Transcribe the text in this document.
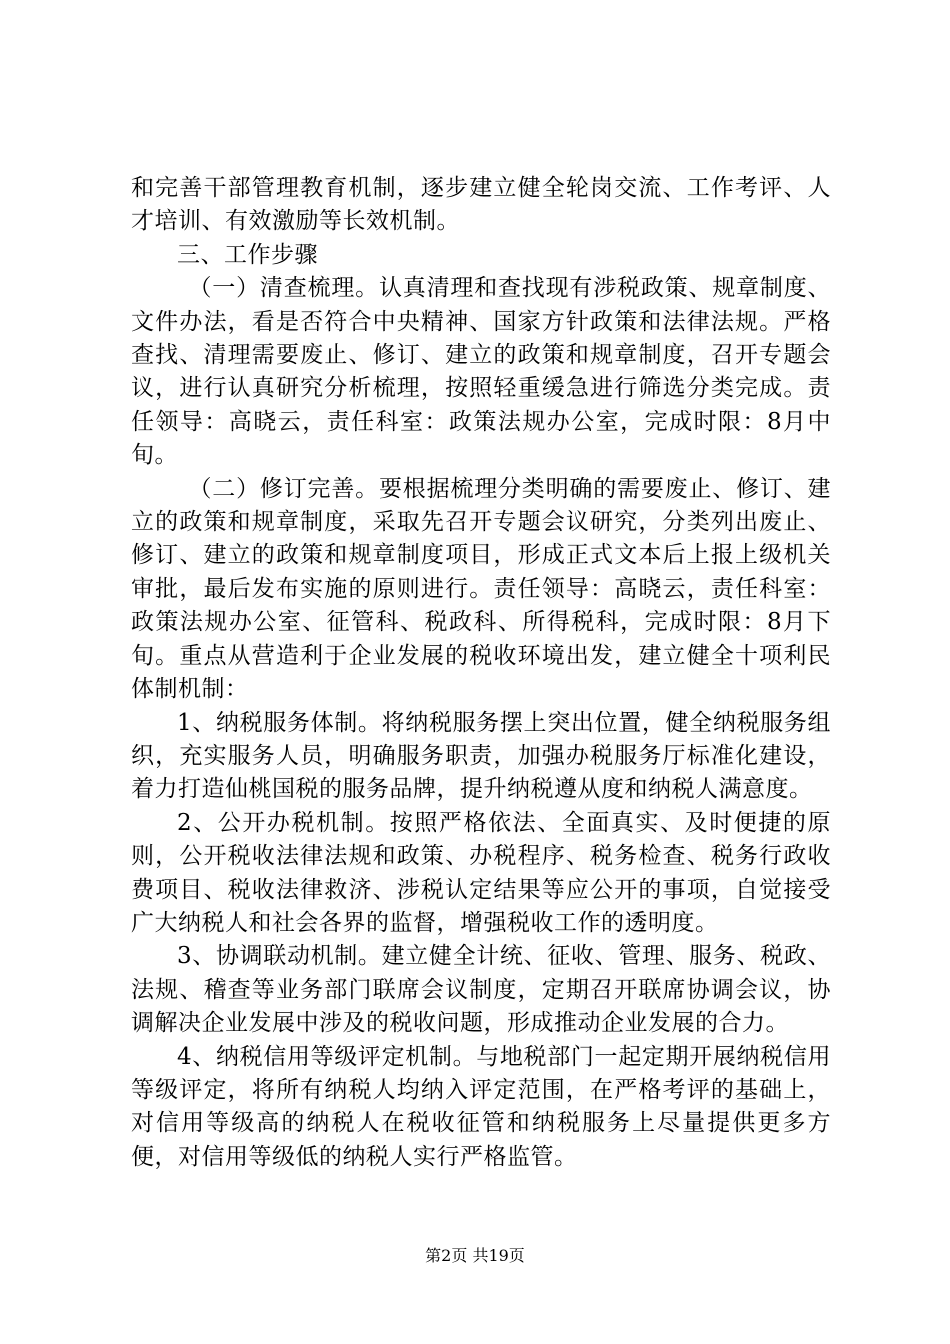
和完善干部管理教育机制，逐步建立健全轮岗交流、工作考评、人才培训、有效激励等长效机制。

三、工作步骤

（一）清查梳理。认真清理和查找现有涉税政策、规章制度、文件办法，看是否符合中央精神、国家方针政策和法律法规。严格查找、清理需要废止、修订、建立的政策和规章制度，召开专题会议，进行认真研究分析梳理，按照轻重缓急进行筛选分类完成。责任领导：高晓云，责任科室：政策法规办公室，完成时限：8月中旬。

（二）修订完善。要根据梳理分类明确的需要废止、修订、建立的政策和规章制度，采取先召开专题会议研究，分类列出废止、修订、建立的政策和规章制度项目，形成正式文本后上报上级机关审批，最后发布实施的原则进行。责任领导：高晓云，责任科室：政策法规办公室、征管科、税政科、所得税科，完成时限：8月下旬。重点从营造利于企业发展的税收环境出发，建立健全十项利民体制机制：

1、纳税服务体制。将纳税服务摆上突出位置，健全纳税服务组织，充实服务人员，明确服务职责，加强办税服务厅标准化建设，着力打造仙桃国税的服务品牌，提升纳税遵从度和纳税人满意度。

2、公开办税机制。按照严格依法、全面真实、及时便捷的原则，公开税收法律法规和政策、办税程序、税务检查、税务行政收费项目、税收法律救济、涉税认定结果等应公开的事项，自觉接受广大纳税人和社会各界的监督，增强税收工作的透明度。

3、协调联动机制。建立健全计统、征收、管理、服务、税政、法规、稽查等业务部门联席会议制度，定期召开联席协调会议，协调解决企业发展中涉及的税收问题，形成推动企业发展的合力。

4、纳税信用等级评定机制。与地税部门一起定期开展纳税信用等级评定，将所有纳税人均纳入评定范围，在严格考评的基础上，对信用等级高的纳税人在税收征管和纳税服务上尽量提供更多方便，对信用等级低的纳税人实行严格监管。

第2页 共19页
